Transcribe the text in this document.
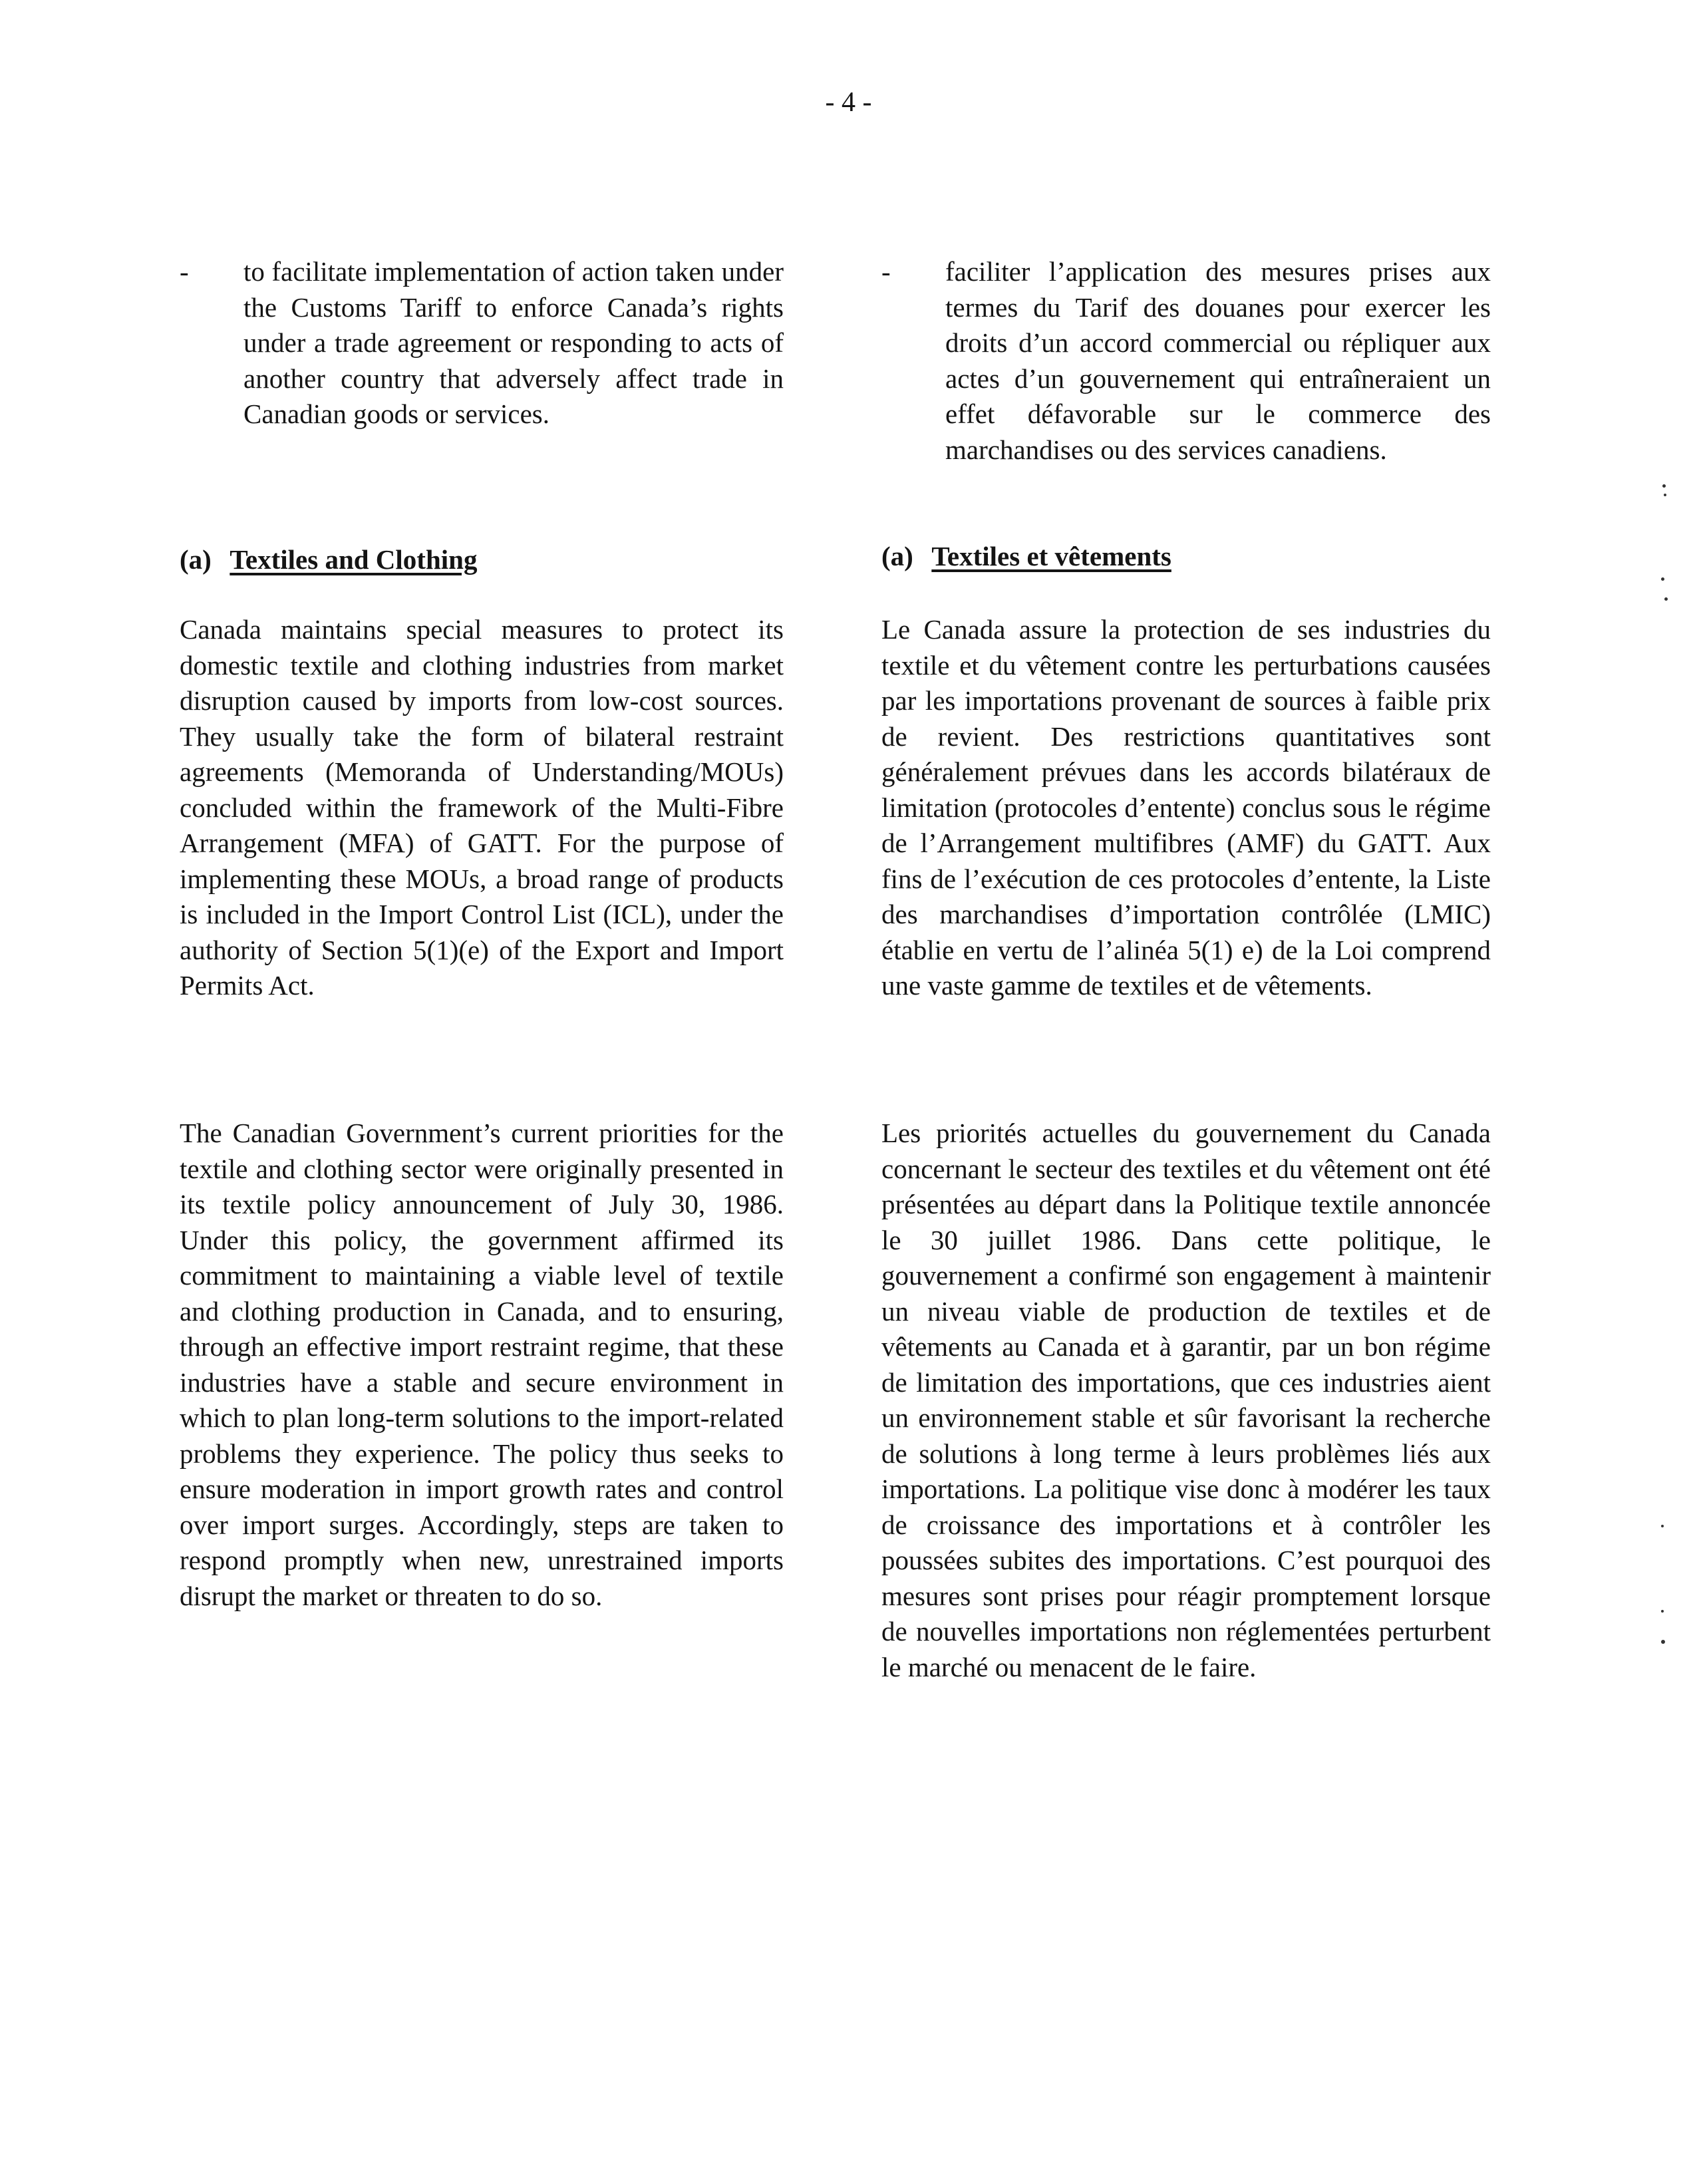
- 4 -
-	to facilitate implementation of action taken under the Customs Tariff to enforce Canada’s rights under a trade agreement or responding to acts of another country that adversely affect trade in Canadian goods or services.
(a) Textiles and Clothing

Canada maintains special measures to protect its domestic textile and clothing industries from market disruption caused by imports from low-cost sources. They usually take the form of bilateral restraint agreements (Memoranda of Understanding/MOUs) concluded within the framework of the Multi-Fibre Arrangement (MFA) of GATT. For the purpose of implementing these MOUs, a broad range of products is included in the Import Control List (ICL), under the authority of Section 5(1)(e) of the Export and Import Permits Act.

The Canadian Government’s current priorities for the textile and clothing sector were originally presented in its textile policy announcement of July 30, 1986. Under this policy, the government affirmed its commitment to maintaining a viable level of textile and clothing production in Canada, and to ensuring, through an effective import restraint regime, that these industries have a stable and secure environment in which to plan long-term solutions to the import-related problems they experience. The policy thus seeks to ensure moderation in import growth rates and control over import surges. Accordingly, steps are taken to respond promptly when new, unrestrained imports disrupt the market or threaten to do so.

-	faciliter l’application des mesures prises aux termes du Tarif des douanes pour exercer les droits d’un accord commercial ou répliquer aux actes d’un gouvernement qui entraîneraient un effet défavorable sur le commerce des marchandises ou des services canadiens.
(a) Textiles et vêtements

Le Canada assure la protection de ses industries du textile et du vêtement contre les perturbations causées par les importations provenant de sources à faible prix de revient. Des restrictions quantitatives sont généralement prévues dans les accords bilatéraux de limitation (protocoles d’entente) conclus sous le régime de l’Arrangement multifibres (AMF) du GATT. Aux fins de l’exécution de ces protocoles d’entente, la Liste des marchandises d’importation contrôlée (LMIC) établie en vertu de l’alinéa 5(1) e) de la Loi comprend une vaste gamme de textiles et de vêtements.

Les priorités actuelles du gouvernement du Canada concernant le secteur des textiles et du vêtement ont été présentées au départ dans la Politique textile annoncée le 30 juillet 1986. Dans cette politique, le gouvernement a confirmé son engagement à maintenir un niveau viable de production de textiles et de vêtements au Canada et à garantir, par un bon régime de limitation des importations, que ces industries aient un environnement stable et sûr favorisant la recherche de solutions à long terme à leurs problèmes liés aux importations. La politique vise donc à modérer les taux de croissance des importations et à contrôler les poussées subites des importations. C’est pourquoi des mesures sont prises pour réagir promptement lorsque de nouvelles importations non réglementées perturbent le marché ou menacent de le faire.
